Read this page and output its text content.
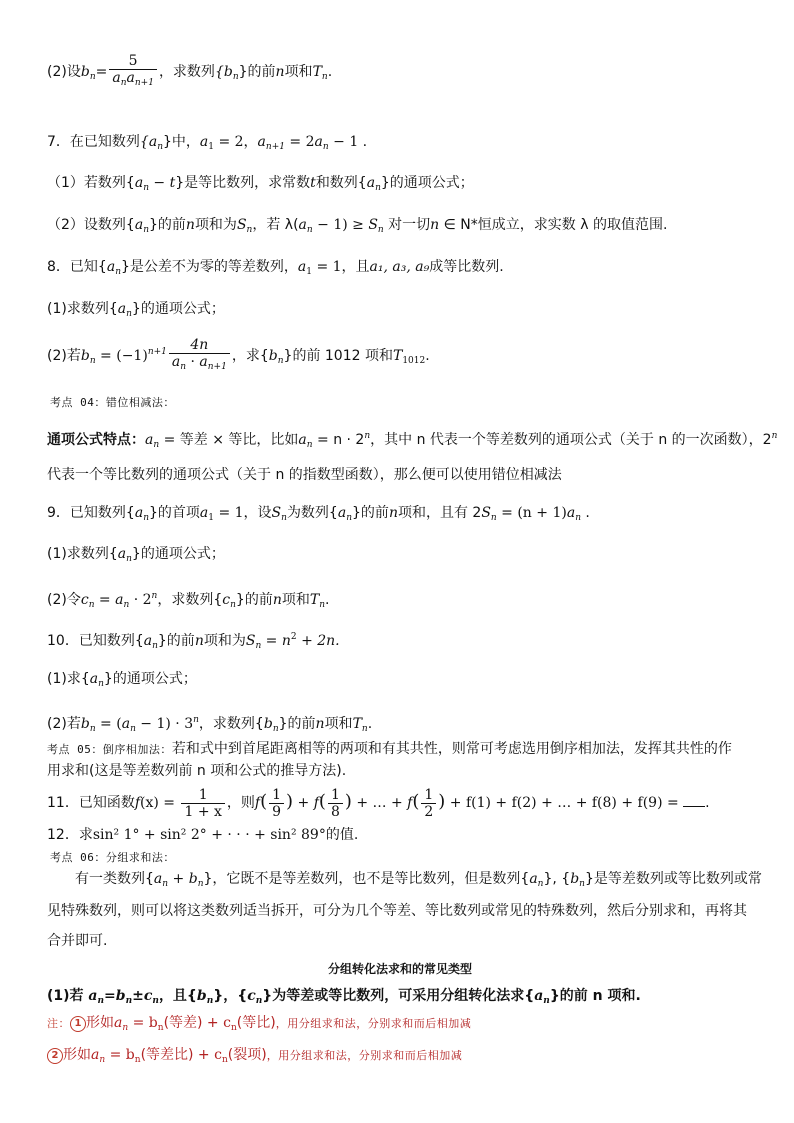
(2)设$b_n= \frac{5}{a_na_{n+1}}$ ，求数列$\{b_n\}$的前n项和$T_n$.
7．在已知数列$\{a_n\}$中，$a_1 = 2$，$a_{n+1} = 2a_n - 1$ .
（1）若数列$\{a_n - t\}$是等比数列，求常数t和数列$\{a_n\}$的通项公式；
（2）设数列$\{a_n\}$的前n项和为$S_n$，若 $\lambda(a_n - 1) \ge S_n$ 对一切n ∈ N*恒成立，求实数 λ 的取值范围.
8．已知$\{a_n\}$是公差不为零的等差数列，$a_1 = 1$，且a₁, a₃, a₉成等比数列.
(1)求数列$\{a_n\}$的通项公式；
(2)若$b_n = (-1)^{n+1} \frac{4n}{a_n \cdot a_{n+1}}$ ，求$\{b_n\}$的前 1012 项和$T_{1012}$.
考点 04：错位相减法：
通项公式特点：$a_n$ = 等差 × 等比，比如$a_n = n \cdot 2^n$，其中 n 代表一个等差数列的通项公式（关于 n 的一次函数），2$^n$
代表一个等比数列的通项公式（关于 n 的指数型函数），那么便可以使用错位相减法
9．已知数列$\{a_n\}$的首项$a_1 = 1$，设$S_n$为数列$\{a_n\}$的前n项和，且有 $2S_n = (n + 1)a_n$ .
(1)求数列$\{a_n\}$的通项公式；
(2)令$c_n = a_n \cdot 2^n$，求数列$\{c_n\}$的前n项和$T_n$.
10．已知数列$\{a_n\}$的前n项和为$S_n = n^2 + 2n$.
(1)求$\{a_n\}$的通项公式；
(2)若$b_n = (a_n - 1) \cdot 3^n$，求数列$\{b_n\}$的前n项和$T_n$.
考点 05：倒序相加法：若和式中到首尾距离相等的两项和有其共性，则常可考虑选用倒序相加法，发挥其共性的作
用求和(这是等差数列前 n 项和公式的推导方法).
11．已知函数$f(x) = \frac{1}{1 + x}$ ，则$f( \frac{1}{9}$ ) + $f( \frac{1}{8}$ ) + … + $f( \frac{1}{2}$ ) + f(1) + f(2) + … + f(8) + f(9) = .
12．求sin² 1° + sin² 2° + · · · + sin² 89°的值.
考点 06：分组求和法：
有一类数列$\{a_n + b_n\}$，它既不是等差数列，也不是等比数列，但是数列$\{a_n\}$, $\{b_n\}$是等差数列或等比数列或常
见特殊数列，则可以将这类数列适当拆开，可分为几个等差、等比数列或常见的特殊数列，然后分别求和，再将其
合并即可.
分组转化法求和的常见类型
(1)若 $a_n=b_n\pm c_n$，且$\{b_n\}$，$\{c_n\}$为等差或等比数列，可采用分组转化法求$\{a_n\}$的前 n 项和.
注： 1 形如$a_n = b_n$(等差) + $c_n$(等比)，用分组求和法，分别求和而后相加减
2 形如$a_n = b_n$(等差比) + $c_n$(裂项)，用分组求和法，分别求和而后相加减
